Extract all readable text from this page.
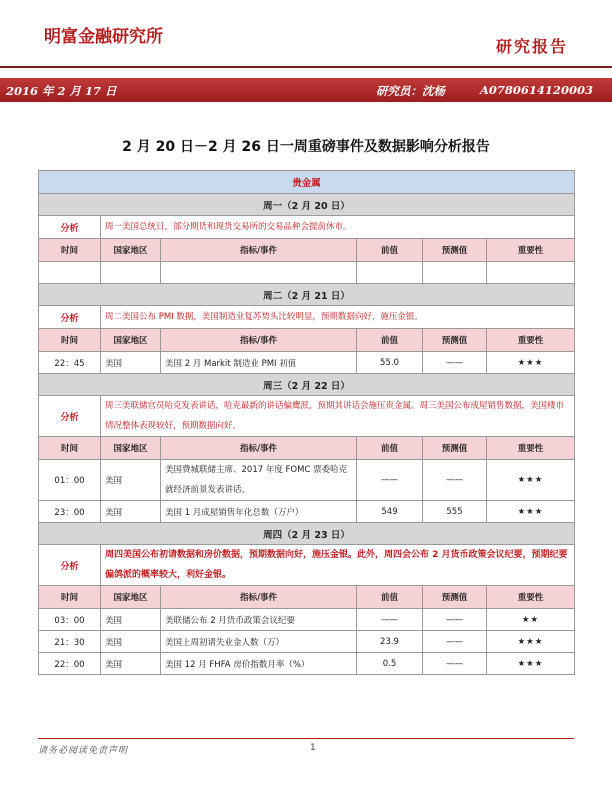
明富金融研究所	研究报告
2016 年 2 月 17 日	研究员：沈杨	A0780614120003
2 月 20 日－2 月 26 日一周重磅事件及数据影响分析报告
贵金属					
周一（2 月 20 日）					
分析	周一美国总统日，部分期货和现货交易所的交易品种会提前休市。				
时间	国家地区	指标/事件	前值	预测值	重要性

周二（2 月 21 日）					
分析	周二美国公布 PMI 数据，美国制造业复苏势头比较明显，预期数据向好，施压金银。				
时间	国家地区	指标/事件	前值	预测值	重要性
22：45	美国	美国 2 月 Markit 制造业 PMI 初值	55.0	——	★★★
周三（2 月 22 日）					
分析	周三美联储官员哈克发表讲话，哈克最新的讲话偏鹰派，预期其讲话会施压贵金属。周三美国公布成屋销售数据，美国楼市情况整体表现较好，预期数据向好。				
时间	国家地区	指标/事件	前值	预测值	重要性
01：00	美国	美国费城联储主席、2017 年度 FOMC 票委哈克就经济前景发表讲话。	——	——	★★★
23：00	美国	美国 1 月成屋销售年化总数（万户）	549	555	★★★
周四（2 月 23 日）					
分析	周四美国公布初请数据和房价数据，预期数据向好，施压金银。此外，周四会公布 2 月货币政策会议纪要，预期纪要偏鸽派的概率较大，利好金银。				
时间	国家地区	指标/事件	前值	预测值	重要性
03：00	美国	美联储公布 2 月货币政策会议纪要	——	——	★★
21：30	美国	美国上周初请失业金人数（万）	23.9	——	★★★
22：00	美国	美国 12 月 FHFA 房价指数月率（%）	0.5	——	★★★
请务必阅读免责声明	1
